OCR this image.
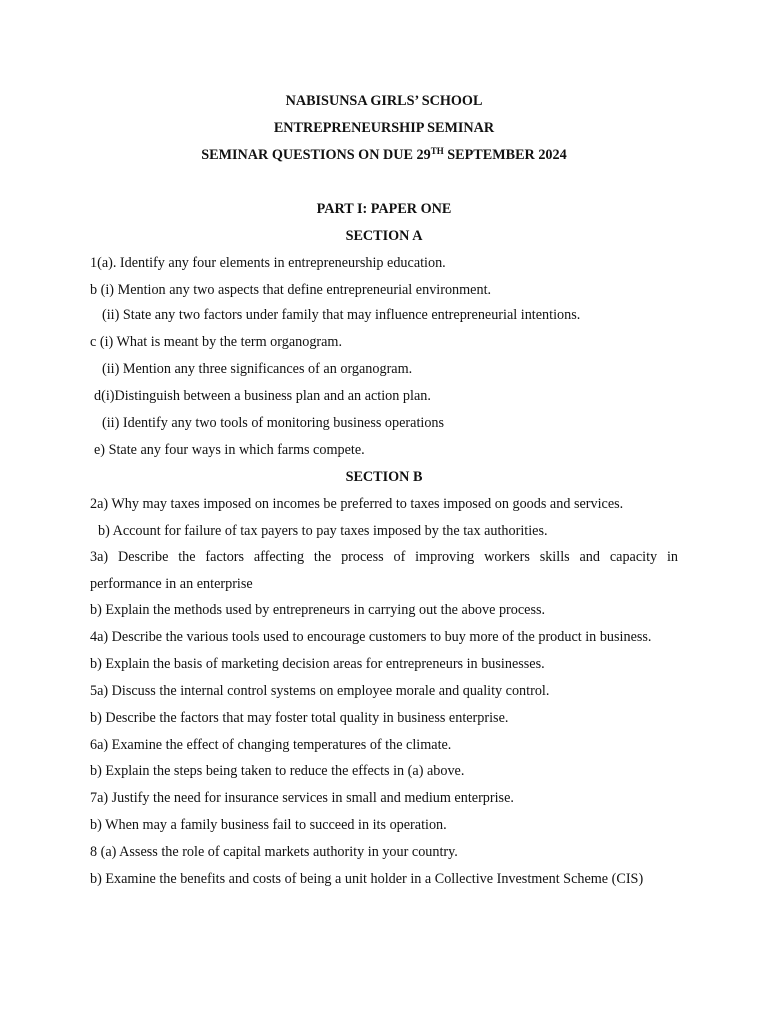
NABISUNSA GIRLS’ SCHOOL
ENTREPRENEURSHIP SEMINAR
SEMINAR QUESTIONS ON DUE 29TH SEPTEMBER 2024
PART I: PAPER ONE
SECTION A
1(a). Identify any four elements in entrepreneurship education.
b (i) Mention any two aspects that define entrepreneurial environment.
(ii) State any two factors under family that may influence entrepreneurial intentions.
c (i) What is meant by the term organogram.
(ii) Mention any three significances of an organogram.
d(i)Distinguish between a business plan and an action plan.
(ii) Identify any two tools of monitoring business operations
e) State any four ways in which farms compete.
SECTION B
2a) Why may taxes imposed on incomes be preferred to taxes imposed on goods and services.
b) Account for failure of tax payers to pay taxes imposed by the tax authorities.
3a) Describe the factors affecting the process of improving workers skills and capacity in
performance in an enterprise
b) Explain the methods used by entrepreneurs in carrying out the above process.
4a) Describe the various tools used to encourage customers to buy more of the product in business.
b) Explain the basis of marketing decision areas for entrepreneurs in businesses.
5a) Discuss the internal control systems on employee morale and quality control.
b) Describe the factors that may foster total quality in business enterprise.
6a) Examine the effect of changing temperatures of the climate.
b) Explain the steps being taken to reduce the effects in (a) above.
7a) Justify the need for insurance services in small and medium enterprise.
b) When may a family business fail to succeed in its operation.
8 (a) Assess the role of capital markets authority in your country.
b) Examine the benefits and costs of being a unit holder in a Collective Investment Scheme (CIS)
